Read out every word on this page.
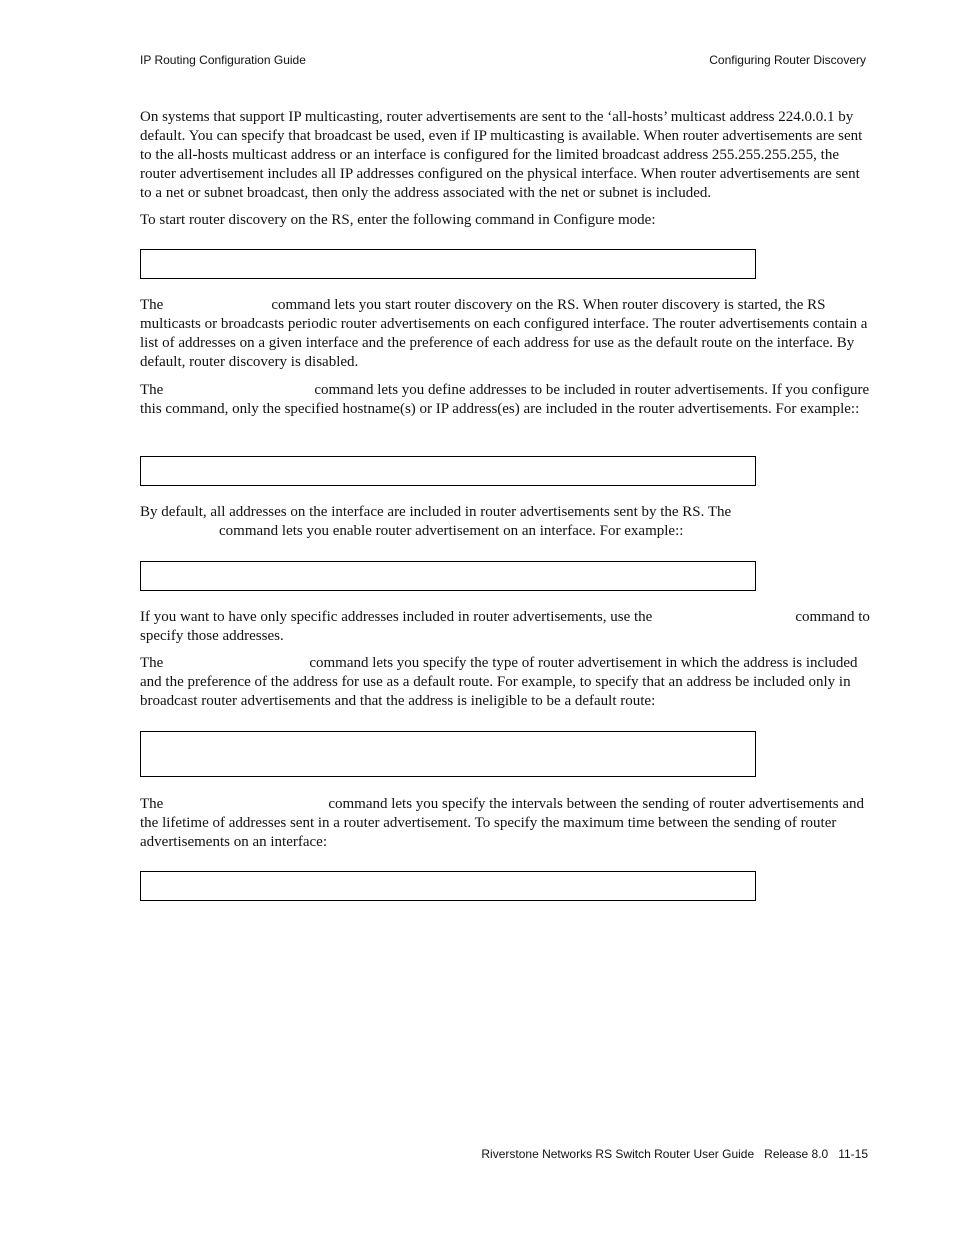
IP Routing Configuration Guide	Configuring Router Discovery

On systems that support IP multicasting, router advertisements are sent to the ‘all-hosts’ multicast address 224.0.0.1 by default. You can specify that broadcast be used, even if IP multicasting is available. When router advertisements are sent to the all-hosts multicast address or an interface is configured for the limited broadcast address 255.255.255.255, the router advertisement includes all IP addresses configured on the physical interface. When router advertisements are sent to a net or subnet broadcast, then only the address associated with the net or subnet is included.

To start router discovery on the RS, enter the following command in Configure mode:

The	command lets you start router discovery on the RS. When router discovery is started, the RS multicasts or broadcasts periodic router advertisements on each configured interface. The router advertisements contain a list of addresses on a given interface and the preference of each address for use as the default route on the interface. By default, router discovery is disabled.

The	command lets you define addresses to be included in router advertisements. If you configure this command, only the specified hostname(s) or IP address(es) are included in the router advertisements. For example::

By default, all addresses on the interface are included in router advertisements sent by the RS. The
command lets you enable router advertisement on an interface. For example::

If you want to have only specific addresses included in router advertisements, use the	command to specify those addresses.

The	command lets you specify the type of router advertisement in which the address is included and the preference of the address for use as a default route. For example, to specify that an address be included only in broadcast router advertisements and that the address is ineligible to be a default route:

The	command lets you specify the intervals between the sending of router advertisements and the lifetime of addresses sent in a router advertisement. To specify the maximum time between the sending of router advertisements on an interface:

Riverstone Networks RS Switch Router User Guide   Release 8.0   11-15
